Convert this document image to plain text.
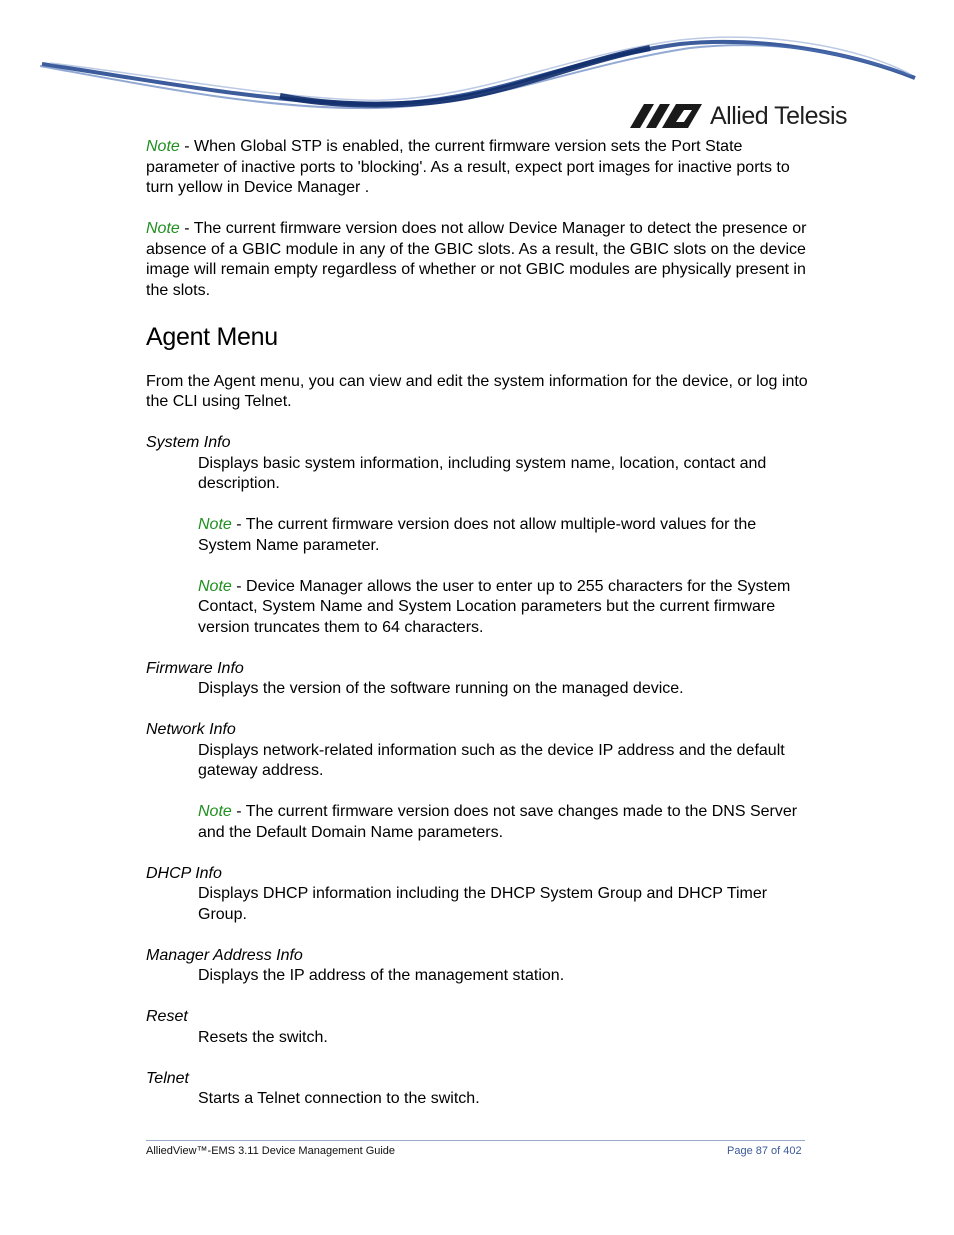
Allied Telesis

Note - When Global STP is enabled, the current firmware version sets the Port State parameter of inactive ports to 'blocking'. As a result, expect port images for inactive ports to turn yellow in Device Manager .

Note - The current firmware version does not allow Device Manager to detect the presence or absence of a GBIC module in any of the GBIC slots. As a result, the GBIC slots on the device image will remain empty regardless of whether or not GBIC modules are physically present in the slots.

Agent Menu

From the Agent menu, you can view and edit the system information for the device, or log into the CLI using Telnet.

System Info

Displays basic system information, including system name, location, contact and description.

Note - The current firmware version does not allow multiple-word values for the System Name parameter.

Note - Device Manager allows the user to enter up to 255 characters for the System Contact, System Name and System Location parameters but the current firmware version truncates them to 64 characters.

Firmware Info

Displays the version of the software running on the managed device.

Network Info

Displays network-related information such as the device IP address and the default gateway address.

Note - The current firmware version does not save changes made to the DNS Server and the Default Domain Name parameters.

DHCP Info

Displays DHCP information including the DHCP System Group and DHCP Timer Group.

Manager Address Info

Displays the IP address of the management station.

Reset

Resets the switch.

Telnet

Starts a Telnet connection to the switch.

AlliedView™-EMS 3.11 Device Management Guide	Page 87 of 402
